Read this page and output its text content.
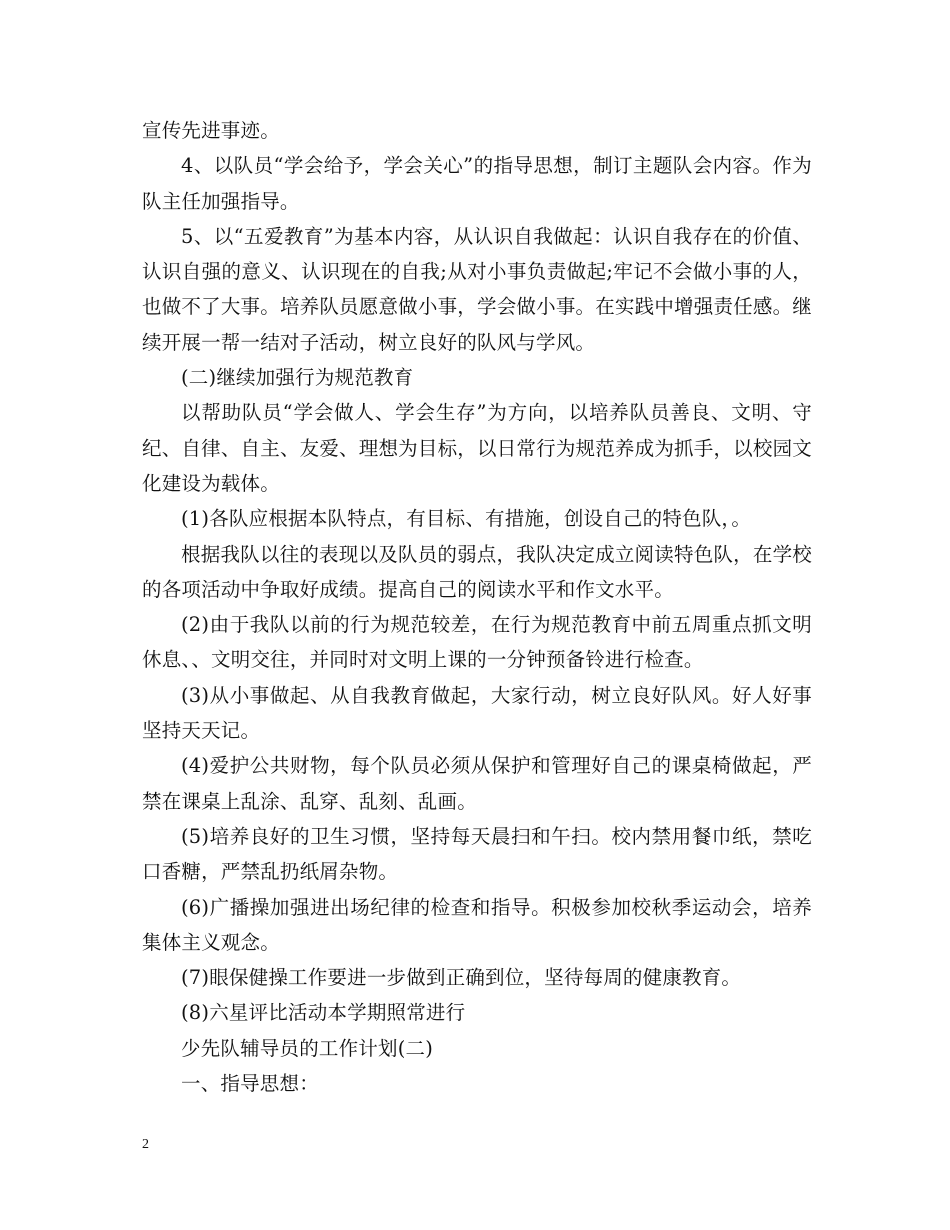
宣传先进事迹。

4、以队员“学会给予，学会关心”的指导思想，制订主题队会内容。作为队主任加强指导。

5、以“五爱教育”为基本内容，从认识自我做起：认识自我存在的价值、认识自强的意义、认识现在的自我;从对小事负责做起;牢记不会做小事的人，也做不了大事。培养队员愿意做小事，学会做小事。在实践中增强责任感。继续开展一帮一结对子活动，树立良好的队风与学风。

(二)继续加强行为规范教育

以帮助队员“学会做人、学会生存”为方向，以培养队员善良、文明、守纪、自律、自主、友爱、理想为目标，以日常行为规范养成为抓手，以校园文化建设为载体。

(1)各队应根据本队特点，有目标、有措施，创设自己的特色队，。

根据我队以往的表现以及队员的弱点，我队决定成立阅读特色队，在学校的各项活动中争取好成绩。提高自己的阅读水平和作文水平。

(2)由于我队以前的行为规范较差，在行为规范教育中前五周重点抓文明休息、、文明交往，并同时对文明上课的一分钟预备铃进行检查。

(3)从小事做起、从自我教育做起，大家行动，树立良好队风。好人好事坚持天天记。

(4)爱护公共财物，每个队员必须从保护和管理好自己的课桌椅做起，严禁在课桌上乱涂、乱穿、乱刻、乱画。

(5)培养良好的卫生习惯，坚持每天晨扫和午扫。校内禁用餐巾纸，禁吃口香糖，严禁乱扔纸屑杂物。

(6)广播操加强进出场纪律的检查和指导。积极参加校秋季运动会，培养集体主义观念。

(7)眼保健操工作要进一步做到正确到位，坚待每周的健康教育。

(8)六星评比活动本学期照常进行

少先队辅导员的工作计划(二)

一、指导思想：

2
